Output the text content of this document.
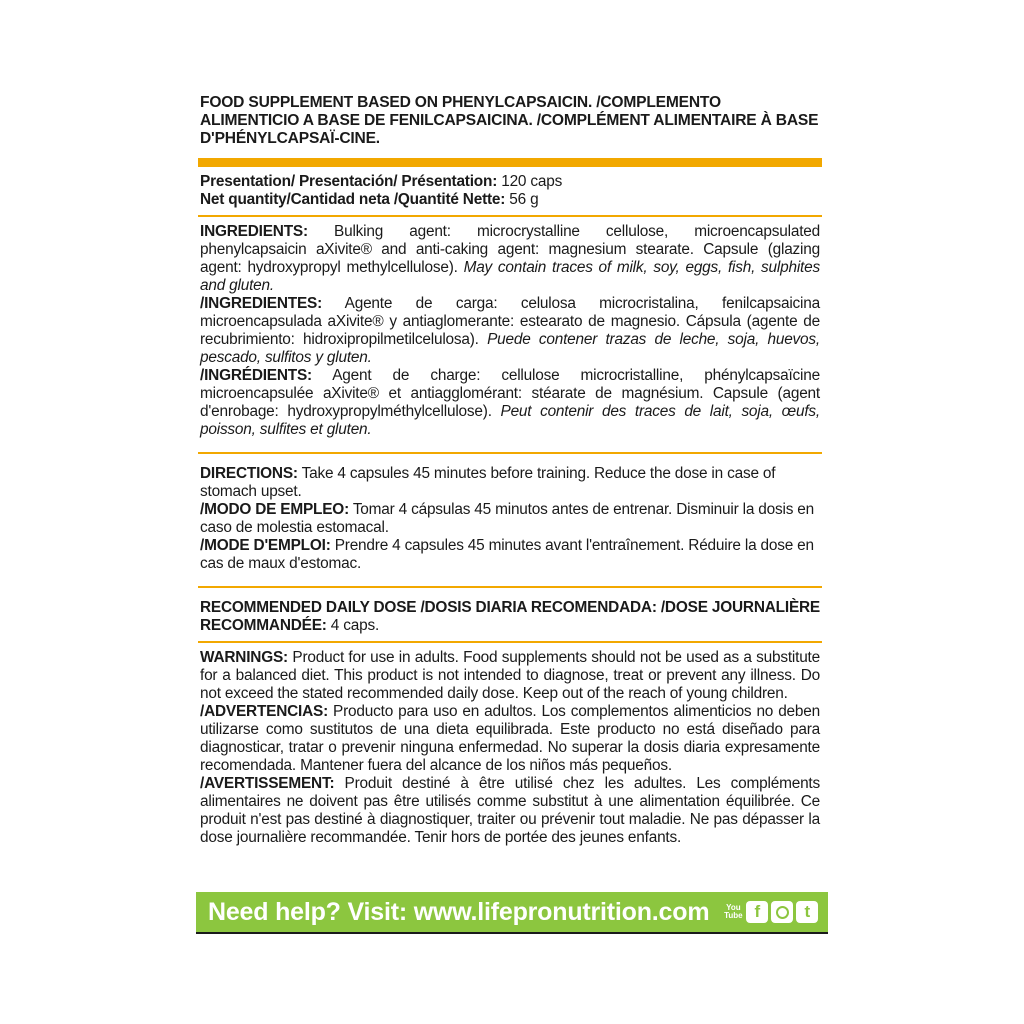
FOOD SUPPLEMENT BASED ON PHENYLCAPSAICIN. /COMPLEMENTO ALIMENTICIO A BASE DE FENILCAPSAICINA. /COMPLÉMENT ALIMENTAIRE À BASE D'PHÉNYLCAPSAÏ-CINE.

Presentation/ Presentación/ Présentation: 120 caps

Net quantity/Cantidad neta /Quantité Nette: 56 g

INGREDIENTS: Bulking agent: microcrystalline cellulose, microencapsulated phenylcapsaicin aXivite® and anti-caking agent: magnesium stearate. Capsule (glazing agent: hydroxypropyl methylcellulose). May contain traces of milk, soy, eggs, fish, sulphites and gluten.

/INGREDIENTES: Agente de carga: celulosa microcristalina, fenilcapsaicina microencapsulada aXivite® y antiaglomerante: estearato de magnesio. Cápsula (agente de recubrimiento: hidroxipropilmetilcelulosa). Puede contener trazas de leche, soja, huevos, pescado, sulfitos y gluten.

/INGRÉDIENTS: Agent de charge: cellulose microcristalline, phénylcapsaïcine microencapsulée aXivite® et antiagglomérant: stéarate de magnésium. Capsule (agent d'enrobage: hydroxypropylméthylcellulose). Peut contenir des traces de lait, soja, œufs, poisson, sulfites et gluten.

DIRECTIONS: Take 4 capsules 45 minutes before training. Reduce the dose in case of stomach upset.

/MODO DE EMPLEO: Tomar 4 cápsulas 45 minutos antes de entrenar. Disminuir la dosis en caso de molestia estomacal.

/MODE D'EMPLOI: Prendre 4 capsules 45 minutes avant l'entraînement. Réduire la dose en cas de maux d'estomac.

RECOMMENDED DAILY DOSE /DOSIS DIARIA RECOMENDADA: /DOSE JOURNALIÈRE RECOMMANDÉE: 4 caps.

WARNINGS: Product for use in adults. Food supplements should not be used as a substitute for a balanced diet. This product is not intended to diagnose, treat or prevent any illness. Do not exceed the stated recommended daily dose. Keep out of the reach of young children.

/ADVERTENCIAS: Producto para uso en adultos. Los complementos alimenticios no deben utilizarse como sustitutos de una dieta equilibrada. Este producto no está diseñado para diagnosticar, tratar o prevenir ninguna enfermedad. No superar la dosis diaria expresamente recomendada. Mantener fuera del alcance de los niños más pequeños.

/AVERTISSEMENT: Produit destiné à être utilisé chez les adultes. Les compléments alimentaires ne doivent pas être utilisés comme substitut à une alimentation équilibrée. Ce produit n'est pas destiné à diagnostiquer, traiter ou prévenir tout maladie. Ne pas dépasser la dose journalière recommandée. Tenir hors de portée des jeunes enfants.

Need help? Visit: www.lifepronutrition.com You
Tube f	t
